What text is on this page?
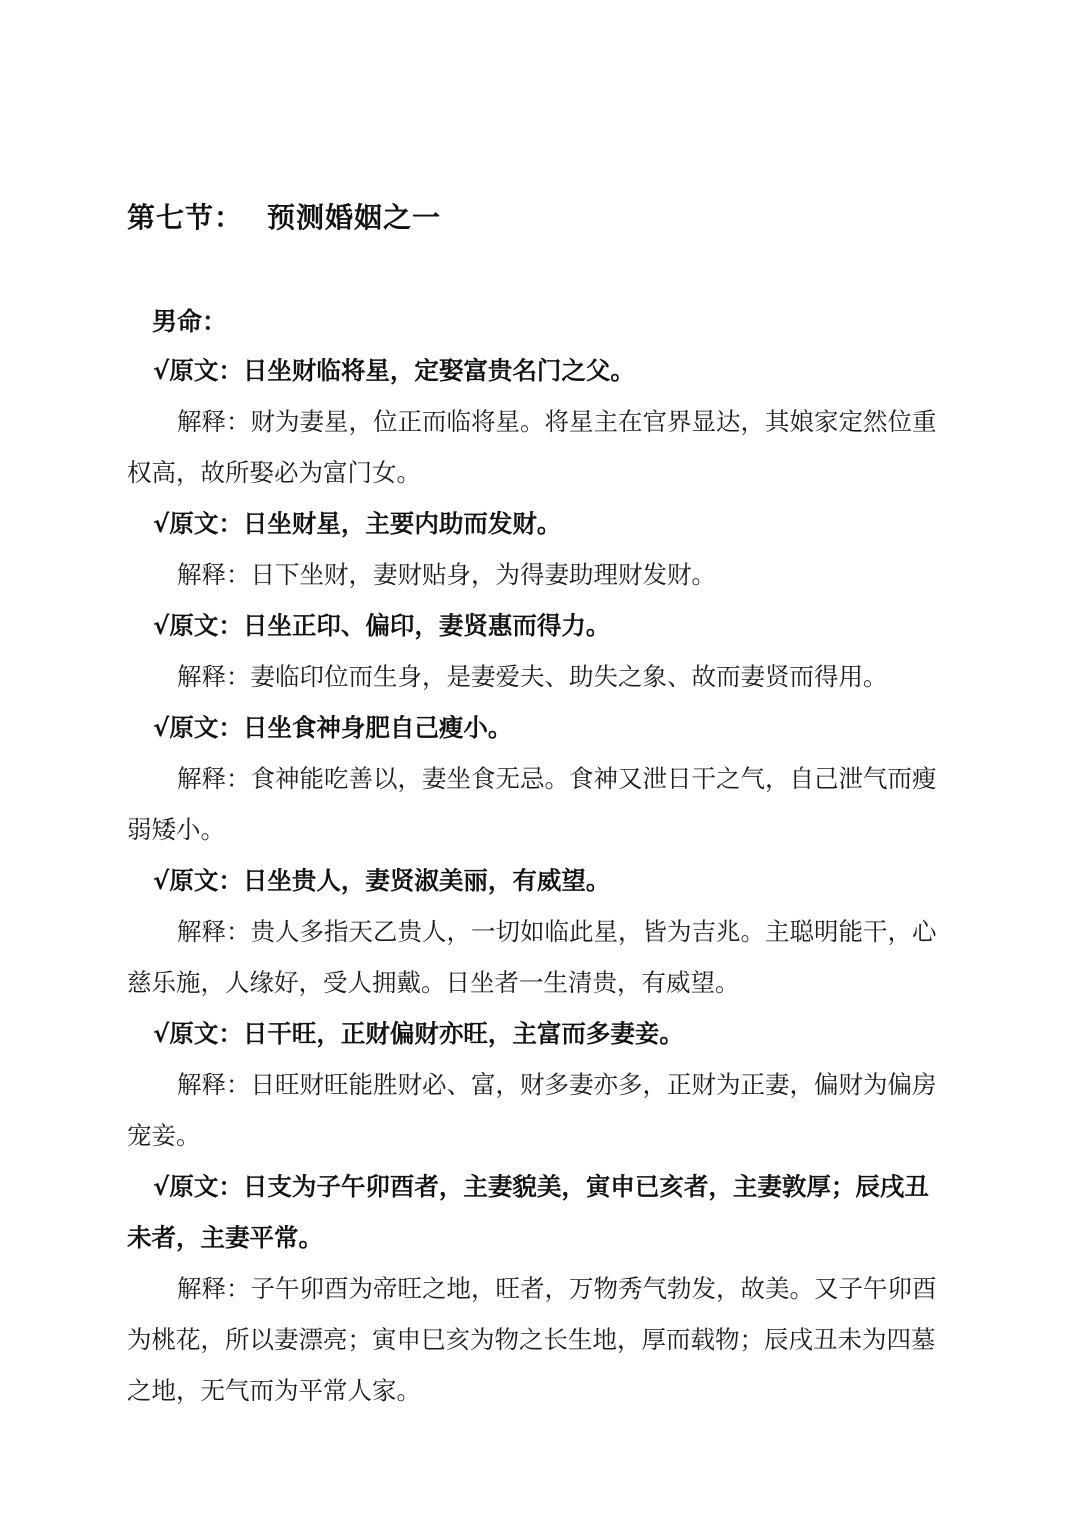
第七节： 预测婚姻之一
男命：

√原文：日坐财临将星，定娶富贵名门之父。

解释：财为妻星，位正而临将星。将星主在官界显达，其娘家定然位重权高，故所娶必为富门女。

√原文：日坐财星，主要内助而发财。

解释：日下坐财，妻财贴身，为得妻助理财发财。

√原文：日坐正印、偏印，妻贤惠而得力。

解释：妻临印位而生身，是妻爱夫、助失之象、故而妻贤而得用。

√原文：日坐食神身肥自己瘦小。

解释：食神能吃善以，妻坐食无忌。食神又泄日干之气，自己泄气而瘦弱矮小。

√原文：日坐贵人，妻贤淑美丽，有威望。

解释：贵人多指天乙贵人，一切如临此星，皆为吉兆。主聪明能干，心慈乐施，人缘好，受人拥戴。日坐者一生清贵，有威望。

√原文：日干旺，正财偏财亦旺，主富而多妻妾。

解释：日旺财旺能胜财必、富，财多妻亦多，正财为正妻，偏财为偏房宠妾。

√原文：日支为子午卯酉者，主妻貌美，寅申已亥者，主妻敦厚；辰戌丑未者，主妻平常。

解释：子午卯酉为帝旺之地，旺者，万物秀气勃发，故美。又子午卯酉为桃花，所以妻漂亮；寅申巳亥为物之长生地，厚而载物；辰戌丑未为四墓之地，无气而为平常人家。
